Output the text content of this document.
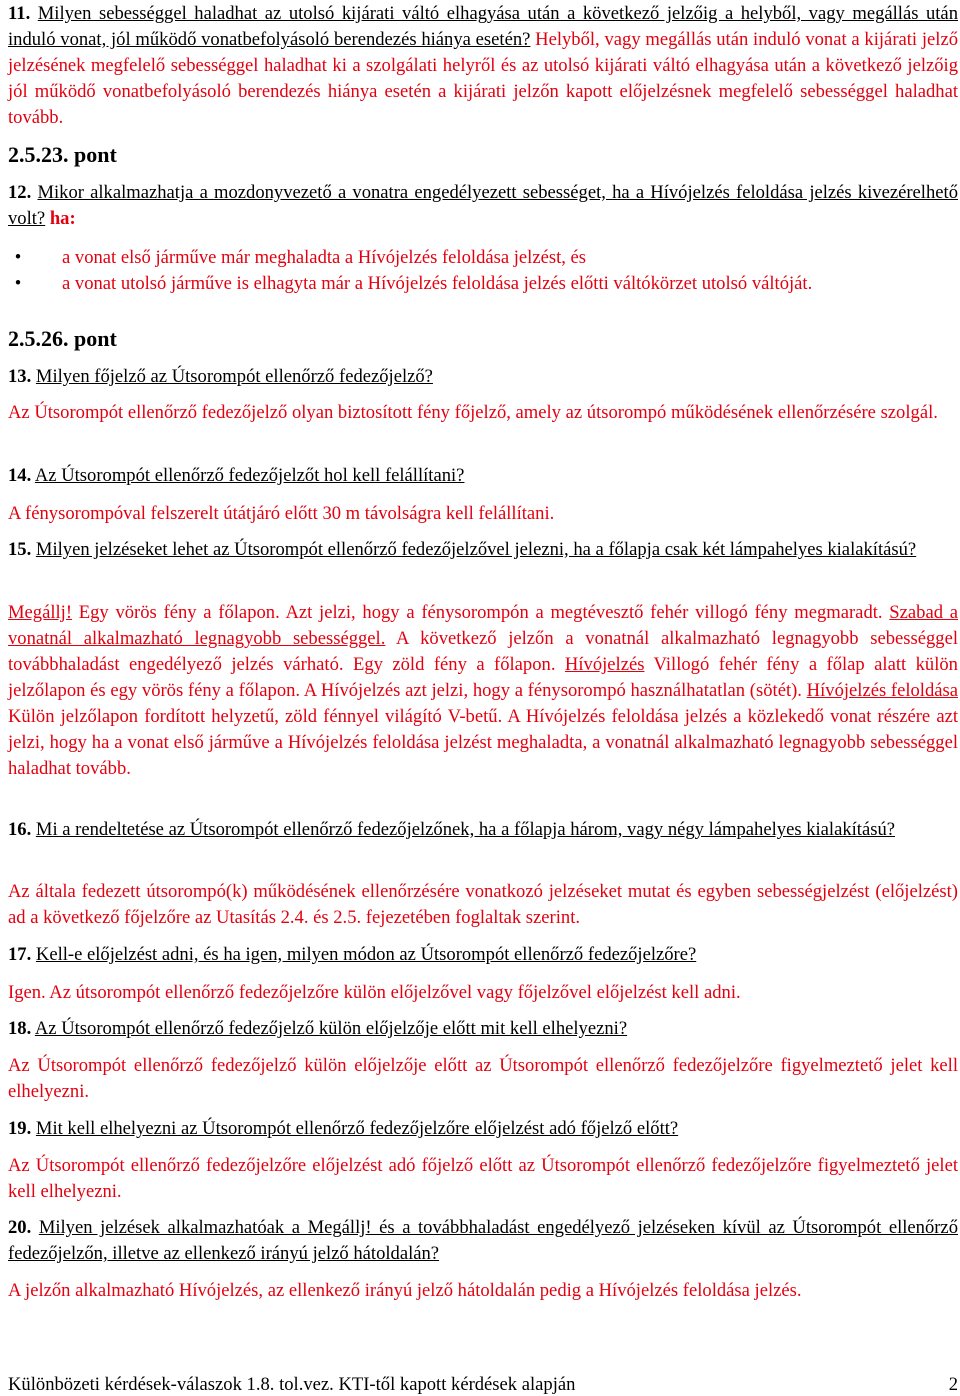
11. Milyen sebességgel haladhat az utolsó kijárati váltó elhagyása után a következő jelzőig a helyből, vagy megállás után induló vonat, jól működő vonatbefolyásoló berendezés hiánya esetén? Helyből, vagy megállás után induló vonat a kijárati jelző jelzésének megfelelő sebességgel haladhat ki a szolgálati helyről és az utolsó kijárati váltó elhagyása után a következő jelzőig jól működő vonatbefolyásoló berendezés hiánya esetén a kijárati jelzőn kapott előjelzésnek megfelelő sebességgel haladhat tovább.
2.5.23. pont
12. Mikor alkalmazhatja a mozdonyvezető a vonatra engedélyezett sebességet, ha a Hívójelzés feloldása jelzés kivezérelhető volt? ha:
•	a vonat első járműve már meghaladta a Hívójelzés feloldása jelzést, és
•	a vonat utolsó járműve is elhagyta már a Hívójelzés feloldása jelzés előtti váltókörzet utolsó váltóját.
2.5.26. pont
13. Milyen főjelző az Útsorompót ellenőrző fedezőjelző?
Az Útsorompót ellenőrző fedezőjelző olyan biztosított fény főjelző, amely az útsorompó működésének ellenőrzésére szolgál.
14. Az Útsorompót ellenőrző fedezőjelzőt hol kell felállítani?
A fénysorompóval felszerelt útátjáró előtt 30 m távolságra kell felállítani.
15. Milyen jelzéseket lehet az Útsorompót ellenőrző fedezőjelzővel jelezni, ha a főlapja csak két lámpahelyes kialakítású?
Megállj! Egy vörös fény a főlapon. Azt jelzi, hogy a fénysorompón a megtévesztő fehér villogó fény megmaradt. Szabad a vonatnál alkalmazható legnagyobb sebességgel. A következő jelzőn a vonatnál alkalmazható legnagyobb sebességgel továbbhaladást engedélyező jelzés várható. Egy zöld fény a főlapon. Hívójelzés Villogó fehér fény a főlap alatt külön jelzőlapon és egy vörös fény a főlapon. A Hívójelzés azt jelzi, hogy a fénysorompó használhatatlan (sötét). Hívójelzés feloldása Külön jelzőlapon fordított helyzetű, zöld fénnyel világító V-betű. A Hívójelzés feloldása jelzés a közlekedő vonat részére azt jelzi, hogy ha a vonat első járműve a Hívójelzés feloldása jelzést meghaladta, a vonatnál alkalmazható legnagyobb sebességgel haladhat tovább.
16. Mi a rendeltetése az Útsorompót ellenőrző fedezőjelzőnek, ha a főlapja három, vagy négy lámpahelyes kialakítású?
Az általa fedezett útsorompó(k) működésének ellenőrzésére vonatkozó jelzéseket mutat és egyben sebességjelzést (előjelzést) ad a következő főjelzőre az Utasítás 2.4. és 2.5. fejezetében foglaltak szerint.
17. Kell-e előjelzést adni, és ha igen, milyen módon az Útsorompót ellenőrző fedezőjelzőre?
Igen. Az útsorompót ellenőrző fedezőjelzőre külön előjelzővel vagy főjelzővel előjelzést kell adni.
18. Az Útsorompót ellenőrző fedezőjelző külön előjelzője előtt mit kell elhelyezni?
Az Útsorompót ellenőrző fedezőjelző külön előjelzője előtt az Útsorompót ellenőrző fedezőjelzőre figyelmeztető jelet kell elhelyezni.
19. Mit kell elhelyezni az Útsorompót ellenőrző fedezőjelzőre előjelzést adó főjelző előtt?
Az Útsorompót ellenőrző fedezőjelzőre előjelzést adó főjelző előtt az Útsorompót ellenőrző fedezőjelzőre figyelmeztető jelet kell elhelyezni.
20. Milyen jelzések alkalmazhatóak a Megállj! és a továbbhaladást engedélyező jelzéseken kívül az Útsorompót ellenőrző fedezőjelzőn, illetve az ellenkező irányú jelző hátoldalán?
A jelzőn alkalmazható Hívójelzés, az ellenkező irányú jelző hátoldalán pedig a Hívójelzés feloldása jelzés.
Különbözeti kérdések-válaszok 1.8. tol.vez. KTI-től kapott kérdések alapján	2
